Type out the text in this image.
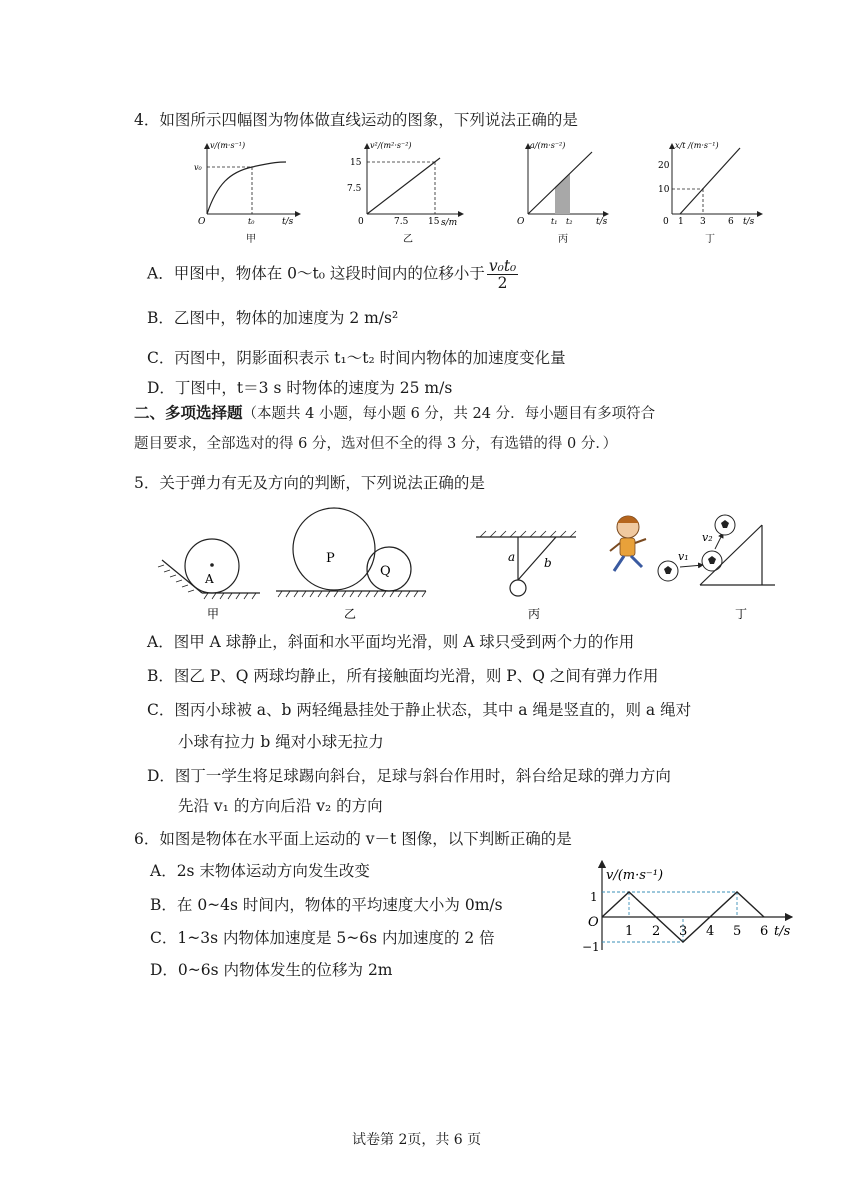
4．如图所示四幅图为物体做直线运动的图象，下列说法正确的是
v/(m·s⁻¹)
v₀
O	t₀	t/s
甲
v²/(m²·s⁻²)
15
7.5
0	7.5 15 s/m
乙
a/(m·s⁻²)
O	t₁ t₂	t/s
丙
x/t /(m·s⁻¹)
20
10
0 1 3 6 t/s
丁
A．甲图中，物体在 0～t₀ 这段时间内的位移小于 $\frac{\text{v₀t₀}}{2}$
B．乙图中，物体的加速度为 2 m/s²
C．丙图中，阴影面积表示 t₁～t₂ 时间内物体的加速度变化量
D．丁图中，t＝3 s 时物体的速度为 25 m/s
二、多项选择题（本题共 4 小题，每小题 6 分，共 24 分．每小题目有多项符合
题目要求，全部选对的得 6 分，选对但不全的得 3 分，有选错的得 0 分．）
5．关于弹力有无及方向的判断，下列说法正确的是
A
甲
P
Q
乙
a b
丙
v₁
v₂
丁
A．图甲 A 球静止，斜面和水平面均光滑，则 A 球只受到两个力的作用
B．图乙 P、Q 两球均静止，所有接触面均光滑，则 P、Q 之间有弹力作用
C．图丙小球被 a、b 两轻绳悬挂处于静止状态，其中 a 绳是竖直的，则 a 绳对
小球有拉力 b 绳对小球无拉力
D．图丁一学生将足球踢向斜台，足球与斜台作用时，斜台给足球的弹力方向
先沿 v₁ 的方向后沿 v₂ 的方向
6．如图是物体在水平面上运动的 v－t 图像，以下判断正确的是
A．2s 末物体运动方向发生改变
B．在 0~4s 时间内，物体的平均速度大小为 0m/s
C．1~3s 内物体加速度是 5~6s 内加速度的 2 倍
D．0~6s 内物体发生的位移为 2m
1 2 3 4 5 6
v/(m·s⁻¹)
t/s
O
1
−1
试卷第 2页，共 6 页
